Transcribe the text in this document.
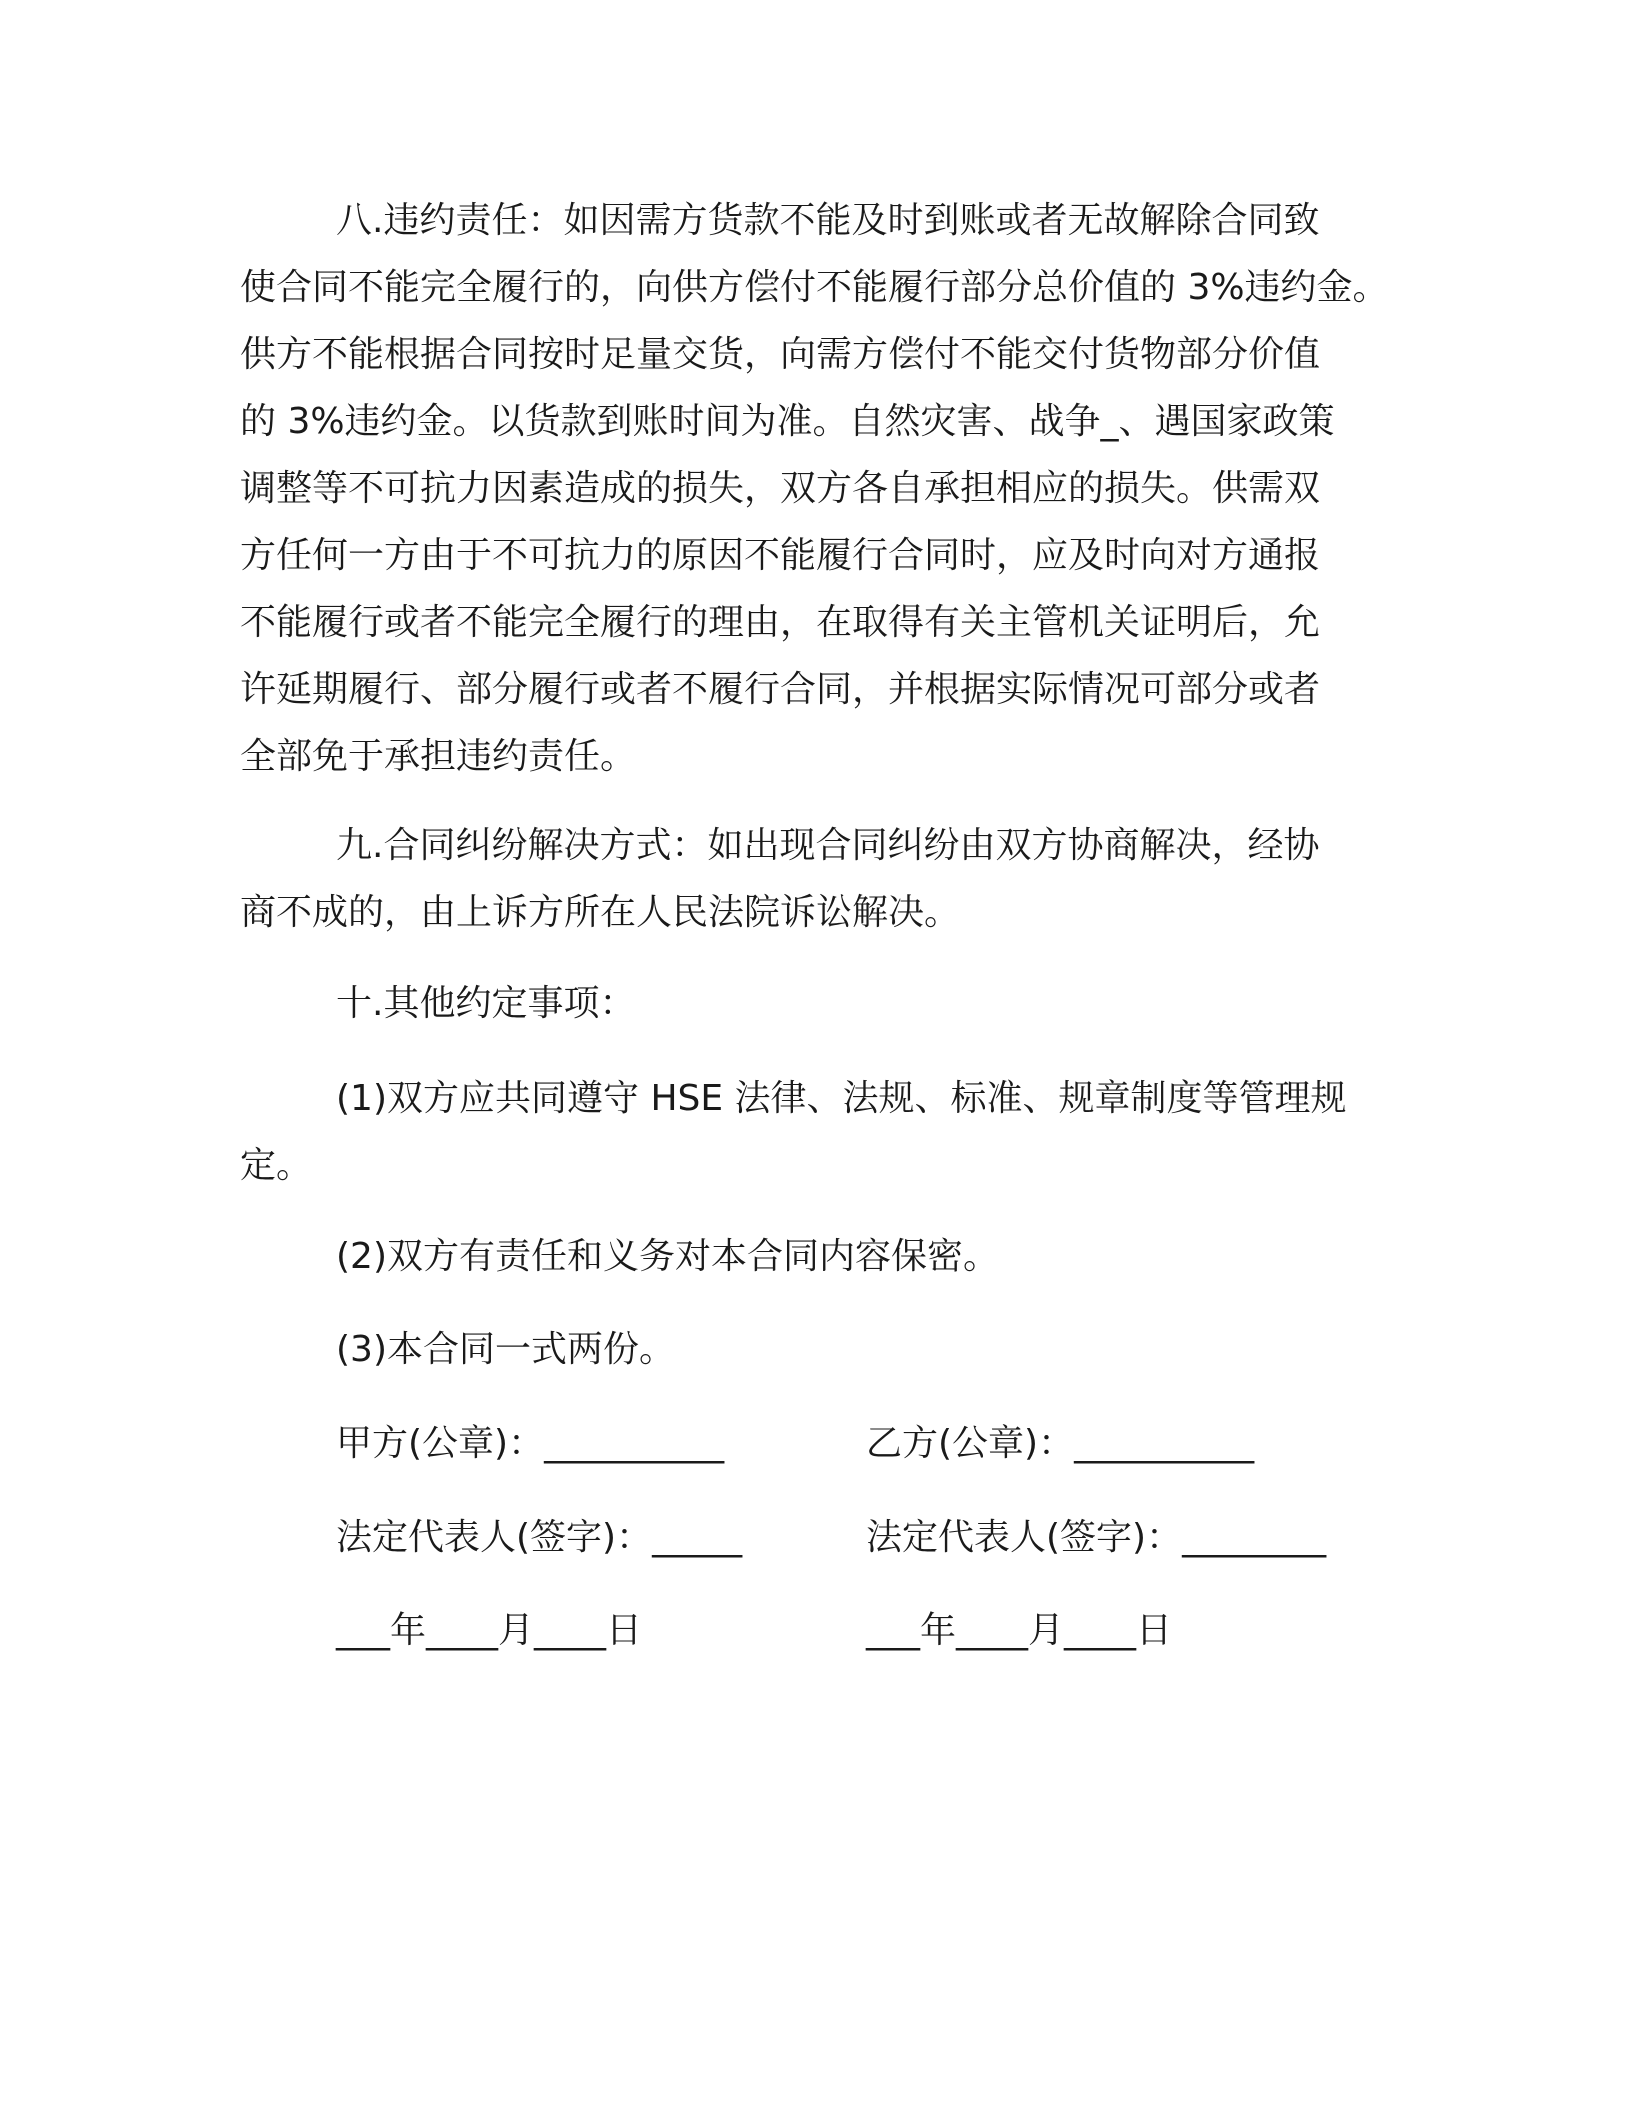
八.违约责任：如因需方货款不能及时到账或者无故解除合同致
使合同不能完全履行的，向供方偿付不能履行部分总价值的 3%违约金。
供方不能根据合同按时足量交货，向需方偿付不能交付货物部分价值
的 3%违约金。以货款到账时间为准。自然灾害、战争_、遇国家政策
调整等不可抗力因素造成的损失，双方各自承担相应的损失。供需双
方任何一方由于不可抗力的原因不能履行合同时，应及时向对方通报
不能履行或者不能完全履行的理由，在取得有关主管机关证明后，允
许延期履行、部分履行或者不履行合同，并根据实际情况可部分或者
全部免于承担违约责任。
九.合同纠纷解决方式：如出现合同纠纷由双方协商解决，经协
商不成的，由上诉方所在人民法院诉讼解决。
十.其他约定事项：
(1)双方应共同遵守 HSE 法律、法规、标准、规章制度等管理规
定。
(2)双方有责任和义务对本合同内容保密。
(3)本合同一式两份。
甲方(公章)：__________	乙方(公章)：__________
法定代表人(签字)：_____	法定代表人(签字)：________
___年____月____日	___年____月____日
